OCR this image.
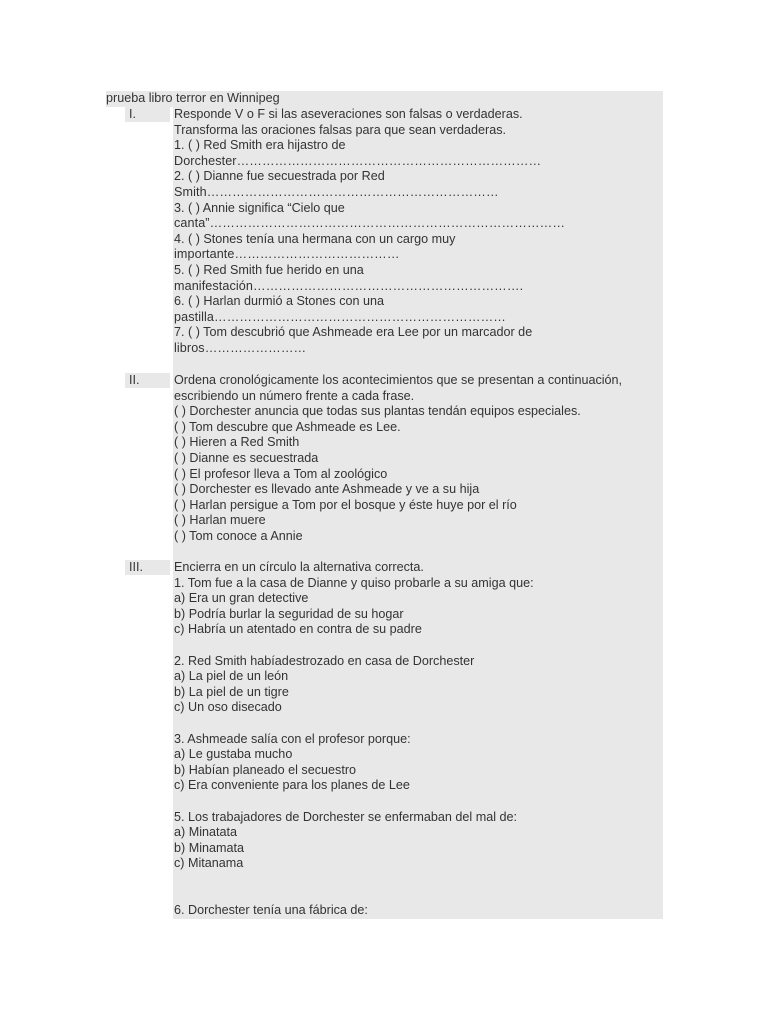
prueba libro terror en Winnipeg
I.	Responde V o F si las aseveraciones son falsas o verdaderas.
Transforma las oraciones falsas para que sean verdaderas.
1. ( ) Red Smith era hijastro de
Dorchester………………………………………………………………
2. ( ) Dianne fue secuestrada por Red
Smith……………………………………………………………
3. ( ) Annie significa “Cielo que
canta”…………………………………………………………………………
4. ( ) Stones tenía una hermana con un cargo muy
importante…………………………………
5. ( ) Red Smith fue herido en una
manifestación……………………………………………………….
6. ( ) Harlan durmió a Stones con una
pastilla……………………………………………………………
7. ( ) Tom descubrió que Ashmeade era Lee por un marcador de
libros……………………
II.	Ordena cronológicamente los acontecimientos que se presentan a continuación,
escribiendo un número frente a cada frase.
( ) Dorchester anuncia que todas sus plantas tendán equipos especiales.
( ) Tom descubre que Ashmeade es Lee.
( ) Hieren a Red Smith
( ) Dianne es secuestrada
( ) El profesor lleva a Tom al zoológico
( ) Dorchester es llevado ante Ashmeade y ve a su hija
( ) Harlan persigue a Tom por el bosque y éste huye por el río
( ) Harlan muere
( ) Tom conoce a Annie
III. Encierra en un círculo la alternativa correcta.
1. Tom fue a la casa de Dianne y quiso probarle a su amiga que:
a) Era un gran detective
b) Podría burlar la seguridad de su hogar
c) Habría un atentado en contra de su padre
2. Red Smith habíadestrozado en casa de Dorchester
a) La piel de un león
b) La piel de un tigre
c) Un oso disecado
3. Ashmeade salía con el profesor porque:
a) Le gustaba mucho
b) Habían planeado el secuestro
c) Era conveniente para los planes de Lee
5. Los trabajadores de Dorchester se enfermaban del mal de:
a) Minatata
b) Minamata
c) Mitanama
6. Dorchester tenía una fábrica de:
